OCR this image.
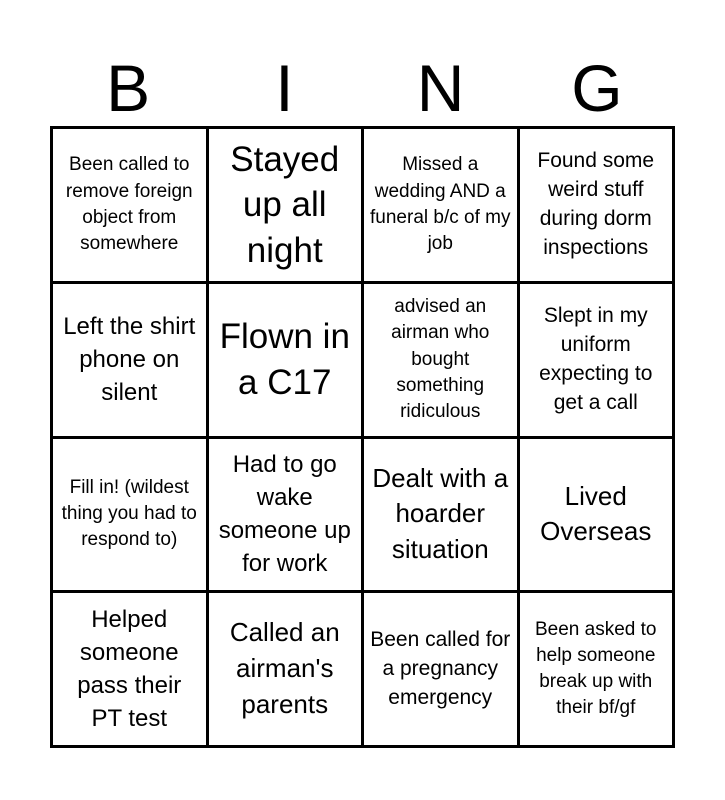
B	I	N	G
Been called to remove foreign object from somewhere
Stayed up all night
Missed a wedding AND a funeral b/c of my job
Found some weird stuff during dorm inspections
Left the shirt phone on silent
Flown in a C17
advised an airman who bought something ridiculous
Slept in my uniform expecting to get a call
Fill in! (wildest thing you had to respond to)
Had to go wake someone up for work
Dealt with a hoarder situation
Lived Overseas
Helped someone pass their PT test
Called an airman's parents
Been called for a pregnancy emergency
Been asked to help someone break up with their bf/gf
